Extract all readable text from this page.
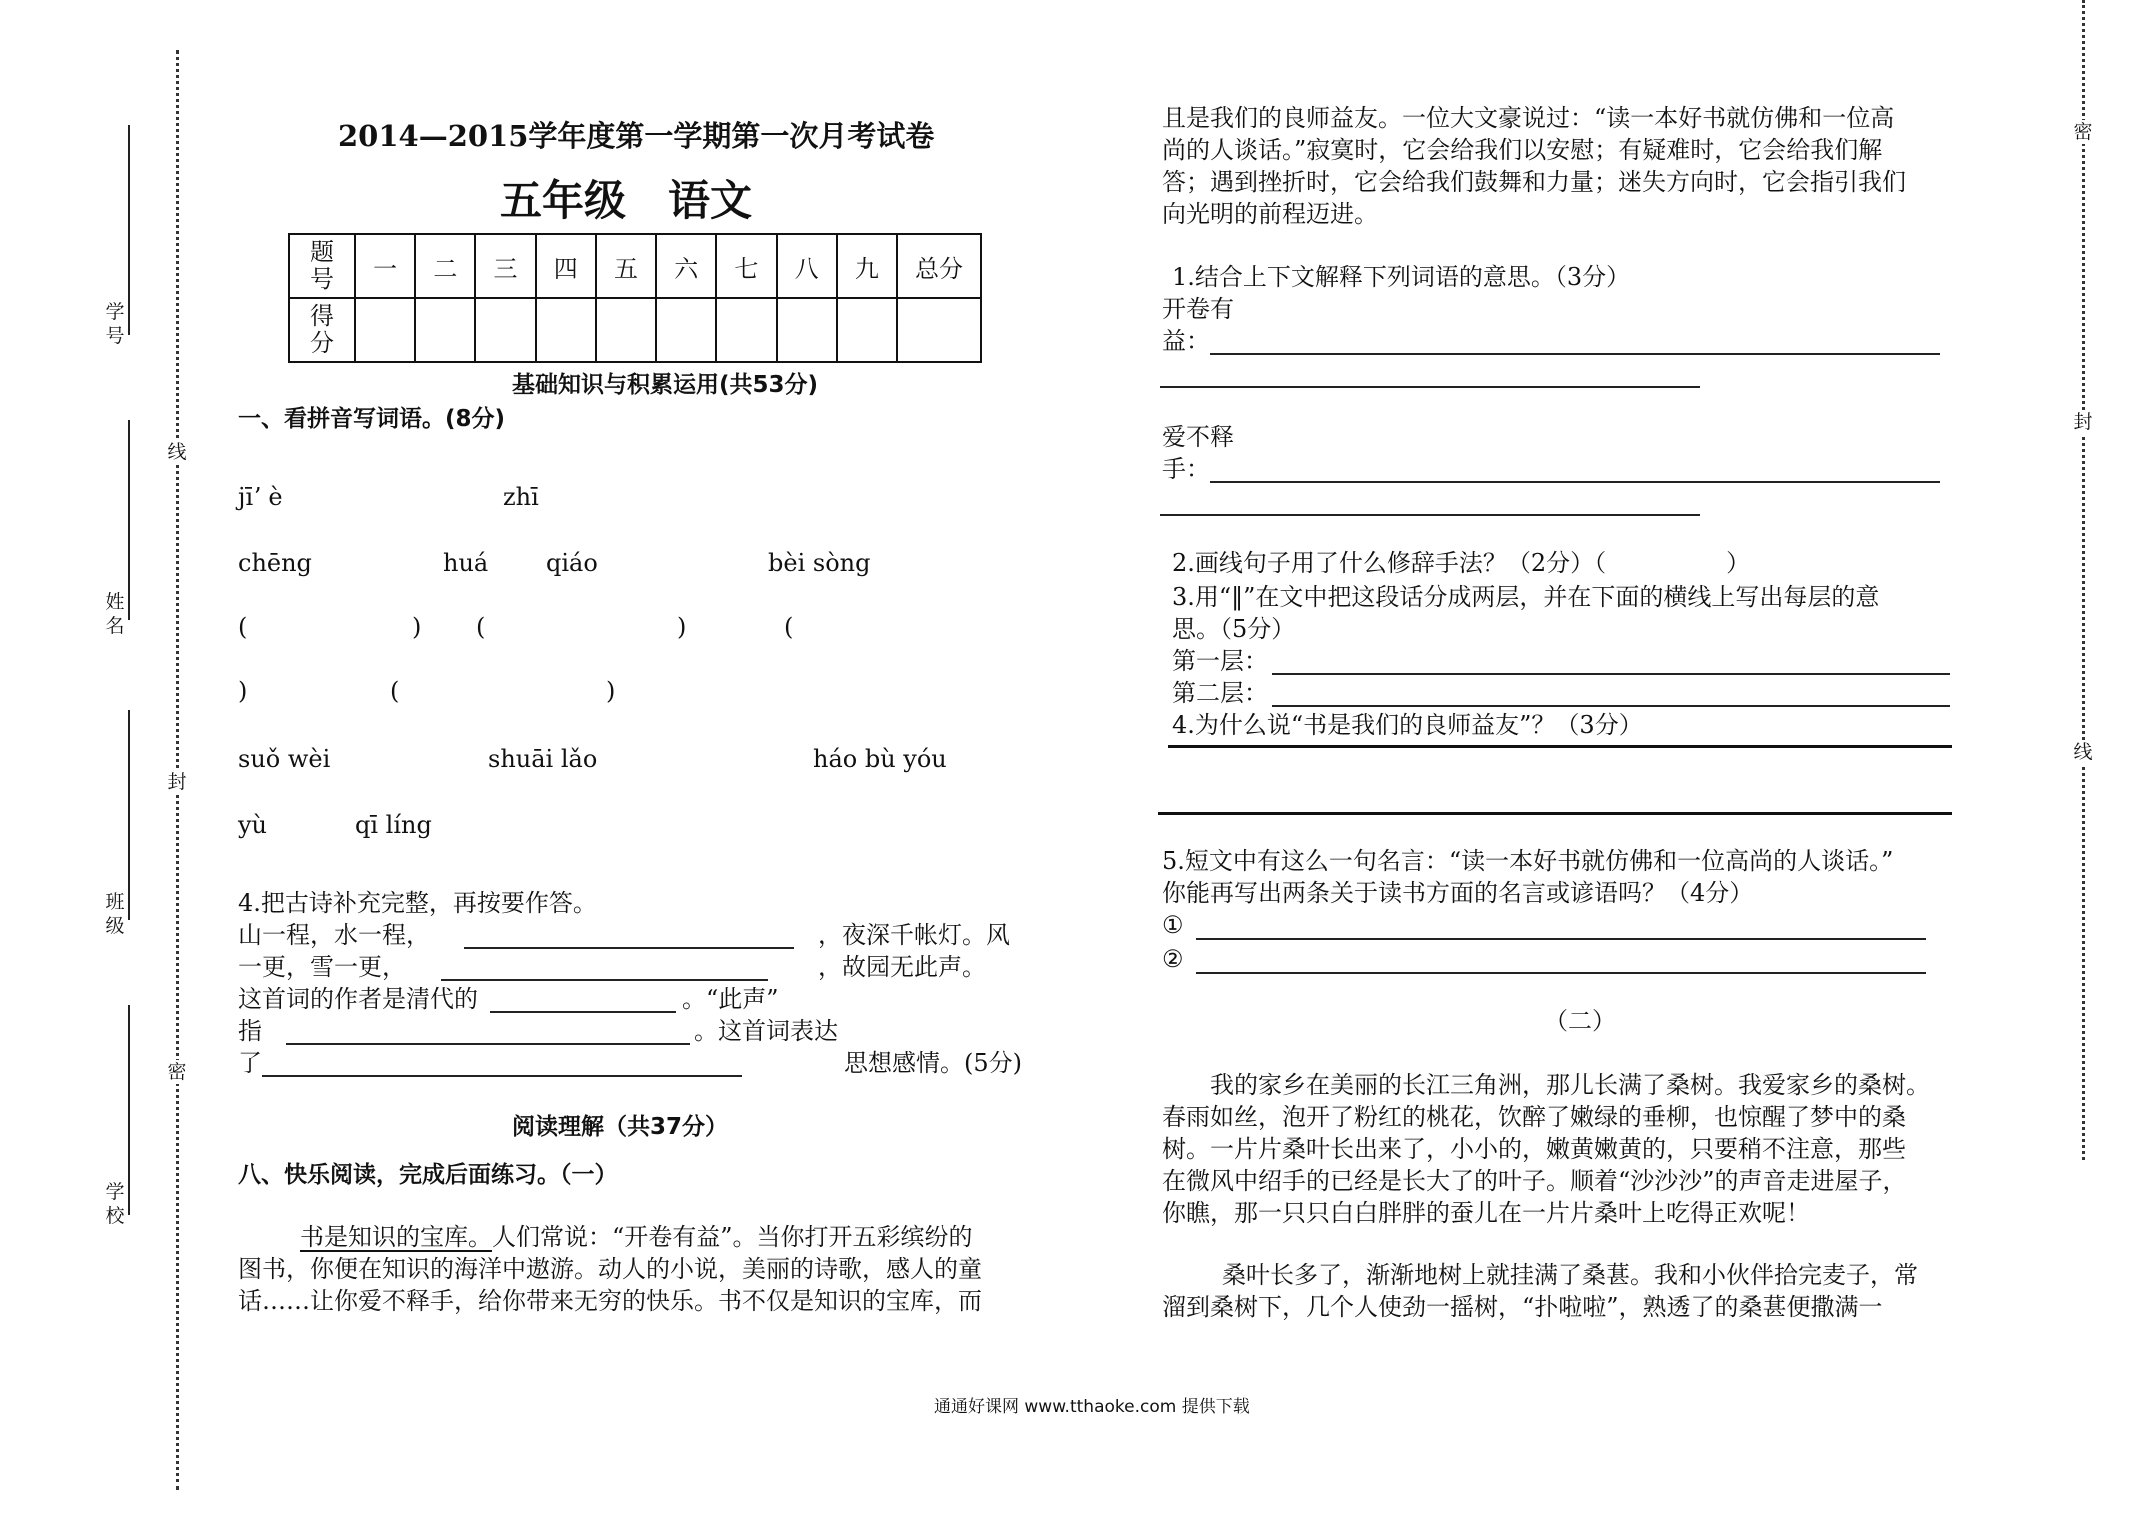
学号
姓名
班级
学校
线
封
密
密
封
线
2014—2015学年度第一学期第一次月考试卷
五年级　语文
题号	一	二	三	四	五	六	七	八	九	总分
得分										
基础知识与积累运用(共53分)
一、看拼音写词语。(8分)
jīʼ è	zhī
chēng	huá qiáo	bèi sòng
(	) (	)	(
)	(	)
suǒ wèi	shuāi lǎo	háo bù yóu
yù	qī líng
4.把古诗补充完整，再按要作答。
山一程，水一程，	，夜深千帐灯。风
一更，雪一更，	，故园无此声。
这首词的作者是清代的	。“此声”
指	。这首词表达
了	思想感情。(5分)
阅读理解（共37分）
八、快乐阅读，完成后面练习。（一）
书是知识的宝库。人们常说：“开卷有益”。当你打开五彩缤纷的
图书，你便在知识的海洋中遨游。动人的小说，美丽的诗歌，感人的童
话……让你爱不释手，给你带来无穷的快乐。书不仅是知识的宝库，而
且是我们的良师益友。一位大文豪说过：“读一本好书就仿佛和一位高
尚的人谈话。”寂寞时，它会给我们以安慰；有疑难时，它会给我们解
答；遇到挫折时，它会给我们鼓舞和力量；迷失方向时，它会指引我们
向光明的前程迈进。
1.结合上下文解释下列词语的意思。（3分）
开卷有
益：
爱不释
手：
2.画线句子用了什么修辞手法？（2分）（　　　　　）
3.用“‖”在文中把这段话分成两层，并在下面的横线上写出每层的意
思。（5分）
第一层：
第二层：
4.为什么说“书是我们的良师益友”？（3分）
5.短文中有这么一句名言：“读一本好书就仿佛和一位高尚的人谈话。”
你能再写出两条关于读书方面的名言或谚语吗？（4分）
①
②
（二）
我的家乡在美丽的长江三角洲，那儿长满了桑树。我爱家乡的桑树。
春雨如丝，泡开了粉红的桃花，饮醉了嫩绿的垂柳，也惊醒了梦中的桑
树。一片片桑叶长出来了，小小的，嫩黄嫩黄的，只要稍不注意，那些
在微风中绍手的已经是长大了的叶子。顺着“沙沙沙”的声音走进屋子，
你瞧，那一只只白白胖胖的蚕儿在一片片桑叶上吃得正欢呢！
桑叶长多了，渐渐地树上就挂满了桑葚。我和小伙伴拾完麦子，常
溜到桑树下，几个人使劲一摇树，“扑啦啦”，熟透了的桑葚便撒满一
通通好课网 www.tthaoke.com 提供下载
